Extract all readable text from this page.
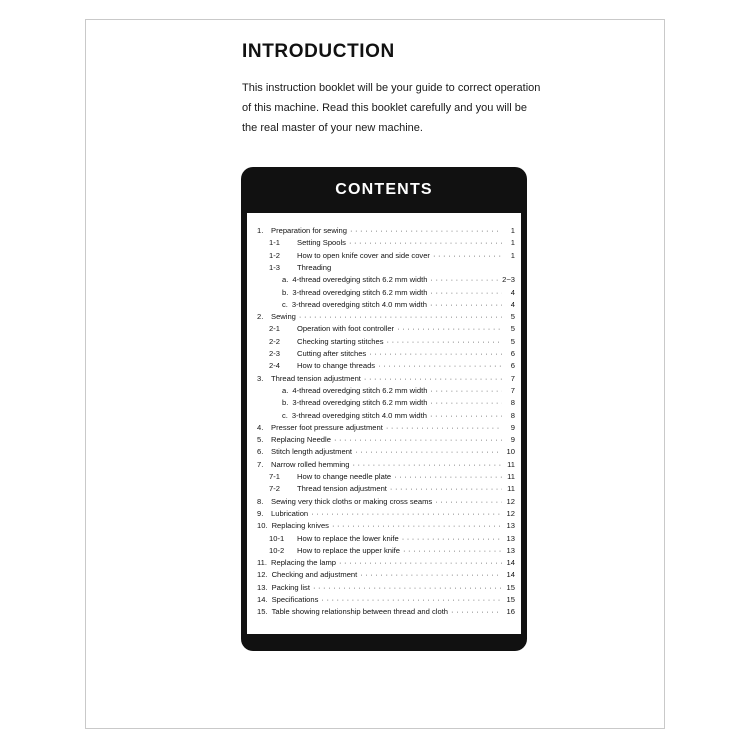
INTRODUCTION

This instruction booklet will be your guide to correct operation
of this machine. Read this booklet carefully and you will be
the real master of your new machine.

CONTENTS
1.	Preparation for sewing · · ·	1
1-1	Setting Spools · · ·	1
1-2	How to open knife cover and side cover · · ·	1
1-3	Threading
a. 4-thread overedging stitch 6.2 mm width · · ·	2~3
b. 3-thread overedging stitch 6.2 mm width · · ·	4
c. 3-thread overedging stitch 4.0 mm width · · ·	4
2.	Sewing · · ·	5
2-1	Operation with foot controller · · ·	5
2-2	Checking starting stitches · · ·	5
2-3	Cutting after stitches · · ·	6
2-4	How to change threads · · ·	6
3.	Thread tension adjustment · · ·	7
a. 4-thread overedging stitch 6.2 mm width · · ·	7
b. 3-thread overedging stitch 6.2 mm width · · ·	8
c. 3-thread overedging stitch 4.0 mm width · · ·	8
4.	Presser foot pressure adjustment · · ·	9
5.	Replacing Needle · · ·	9
6.	Stitch length adjustment · · ·	10
7.	Narrow rolled hemming · · ·	11
7-1	How to change needle plate · · ·	11
7-2	Thread tension adjustment · · ·	11
8.	Sewing very thick cloths or making cross seams · · ·	12
9.	Lubrication · · ·	12
10. Replacing knives · · ·	13
10-1	How to replace the lower knife · · ·	13
10-2	How to replace the upper knife · · ·	13
11. Replacing the lamp · · ·	14
12. Checking and adjustment · · ·	14
13. Packing list · · ·	15
14. Specifications · · ·	15
15. Table showing relationship between thread and cloth · · ·	16
